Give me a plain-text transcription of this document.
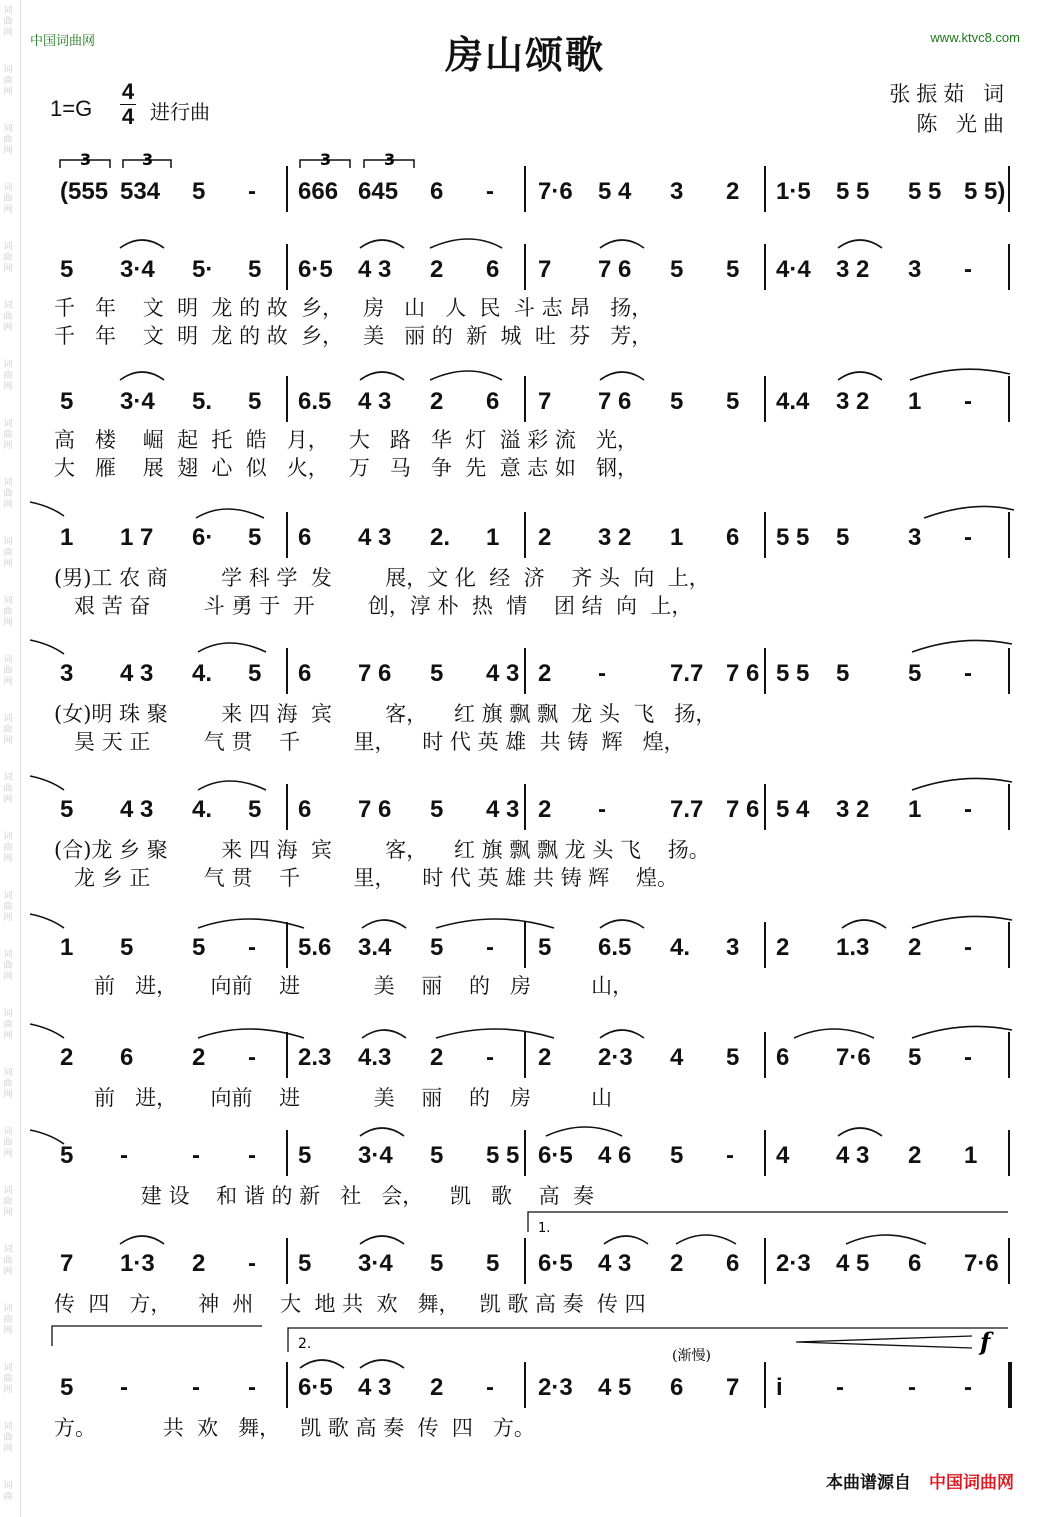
词
曲
网
词
曲
网
词
曲
网
词
曲
网
词
曲
网
词
曲
网
词
曲
网
词
曲
网
词
曲
网
词
曲
网
词
曲
网
词
曲
网
词
曲
网
词
曲
网
词
曲
网
词
曲
网
词
曲
网
词
曲
网
词
曲
网
词
曲
网
词
曲
网
词
曲
网
词
曲
网
词
曲
网
词
曲
网
词
曲
中国词曲网	www.ktvc8.com
房山颂歌
1=G
4
4 进行曲
张振茹 词
陈 光曲
(555 534 5 - 666 645 6 - 7·6 5 4 3 2 1·5 5 5 5 5 5 5)
5 3·4 5· 5 6·5 4 3 2 6 7 7 6 5 5 4·4 3 2 3 -
千   年    文  明  龙 的 故  乡，   房   山   人  民  斗 志 昂   扬，
千   年    文  明  龙 的 故  乡，   美   丽 的  新  城  吐  芬   芳，
5 3·4 5. 5 6.5 4 3 2 6 7 7 6 5 5 4.4 3 2 1 -
高   楼    崛  起  托  皓   月，   大   路   华  灯  溢 彩 流   光，
大   雁    展  翅  心  似   火，   万   马   争  先  意 志 如   钢，
1 1 7 6· 5 6 4 3 2. 1 2 3 2 1 6 5 5 5 3 -
(男)工 农 商        学 科 学  发        展，文 化  经  济    齐 头  向  上，
艰 苦 奋        斗 勇 于  开        创，淳 朴  热  情    团 结  向  上，
3 4 3 4. 5 6 7 6 5 4 3 2 -	7.7 7 6 5 5 5 5 -
(女)明 珠 聚        来 四 海  宾        客，    红 旗 飘 飘  龙 头  飞   扬，
昊 天 正        气 贯    千        里，    时 代 英 雄  共 铸  辉   煌，
5 4 3 4. 5 6 7 6 5 4 3 2 -	7.7 7 6 5 4 3 2 1 -
(合)龙 乡 聚        来 四 海  宾        客，    红 旗 飘 飘 龙 头 飞    扬。
龙 乡 正        气 贯    千        里，    时 代 英 雄 共 铸 辉    煌。
1 5 5 - 5.6 3.4 5 - 5 6.5 4. 3 2 1.3 2 -
前   进，     向前    进           美    丽    的   房         山，
2 6 2 - 2.3 4.3 2 - 2 2·3 4 5 6 7·6 5 -
前   进，     向前    进           美    丽    的   房         山
5 -	- - 5 3·4 5 5 5 6·5 4 6 5 - 4 4 3 2 1
建 设    和 谐 的 新   社   会，    凯   歌    高  奏
7 1·3 2 - 5 3·4 5 5 6·5 4 3 2 6 2·3 4 5 6 7·6
传  四   方，    神  州    大  地 共  欢   舞，   凯 歌 高 奏  传 四
5 -	- - 6·5 4 3 2 - 2·3 4 5 6 7 i -	- -
方。          共  欢   舞，   凯 歌 高 奏  传  四   方。
3	3	3	3
1.
2.
(渐慢)	f
本曲谱源自 中国词曲网
